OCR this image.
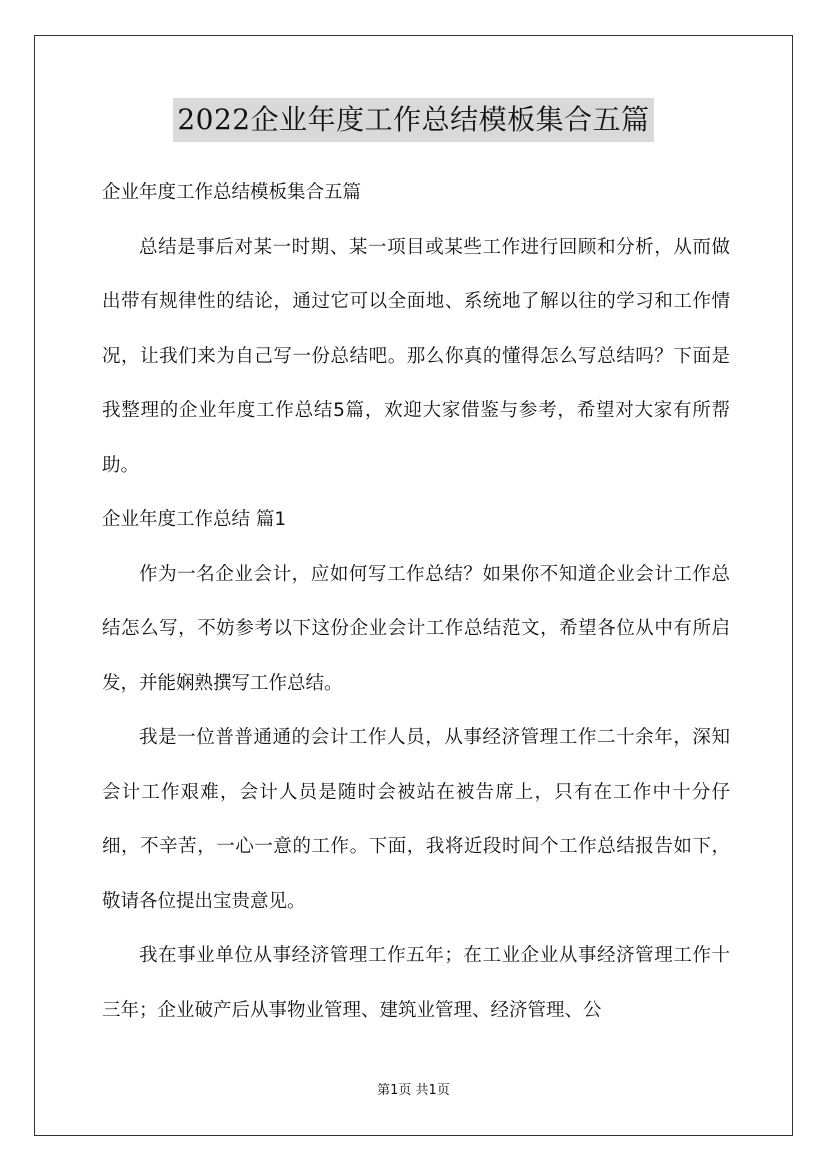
2022企业年度工作总结模板集合五篇

企业年度工作总结模板集合五篇

总结是事后对某一时期、某一项目或某些工作进行回顾和分析，从而做出带有规律性的结论，通过它可以全面地、系统地了解以往的学习和工作情况，让我们来为自己写一份总结吧。那么你真的懂得怎么写总结吗？下面是我整理的企业年度工作总结5篇，欢迎大家借鉴与参考，希望对大家有所帮助。

企业年度工作总结 篇1

作为一名企业会计，应如何写工作总结？如果你不知道企业会计工作总结怎么写，不妨参考以下这份企业会计工作总结范文，希望各位从中有所启发，并能娴熟撰写工作总结。

我是一位普普通通的会计工作人员，从事经济管理工作二十余年，深知会计工作艰难，会计人员是随时会被站在被告席上，只有在工作中十分仔细，不辛苦，一心一意的工作。下面，我将近段时间个工作总结报告如下，敬请各位提出宝贵意见。

我在事业单位从事经济管理工作五年；在工业企业从事经济管理工作十三年；企业破产后从事物业管理、建筑业管理、经济管理、公

第1页 共1页
